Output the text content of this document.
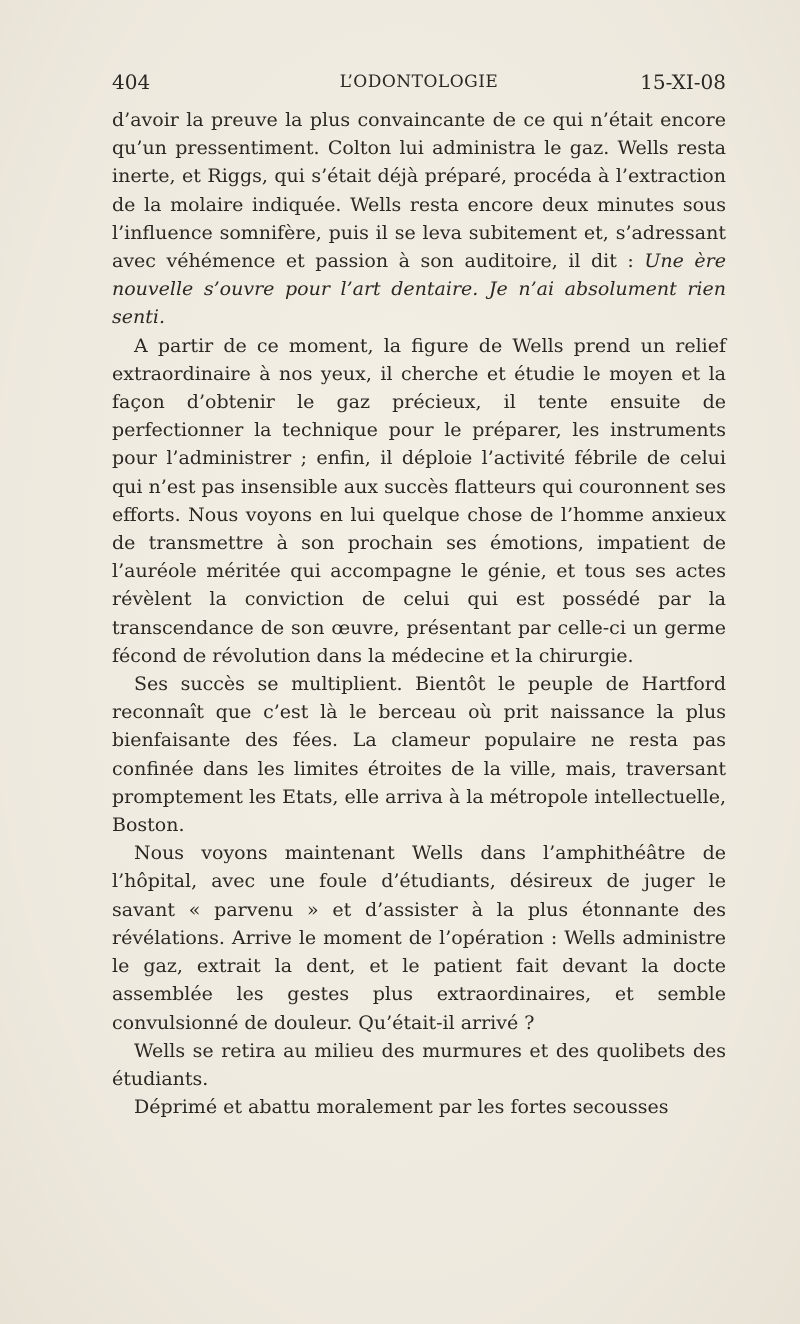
404	L’ODONTOLOGIE	15-XI-08

d’avoir la preuve la plus convaincante de ce qui n’était encore qu’un pressentiment. Colton lui administra le gaz. Wells resta inerte, et Riggs, qui s’était déjà préparé, procéda à l’extraction de la molaire indiquée. Wells resta encore deux minutes sous l’influence somnifère, puis il se leva subitement et, s’adressant avec véhémence et passion à son auditoire, il dit : Une ère nouvelle s’ouvre pour l’art dentaire. Je n’ai absolument rien senti.

A partir de ce moment, la figure de Wells prend un relief extraordinaire à nos yeux, il cherche et étudie le moyen et la façon d’obtenir le gaz précieux, il tente ensuite de perfectionner la technique pour le préparer, les instruments pour l’administrer ; enfin, il déploie l’activité fébrile de celui qui n’est pas insensible aux succès flatteurs qui couronnent ses efforts. Nous voyons en lui quelque chose de l’homme anxieux de transmettre à son prochain ses émotions, impatient de l’auréole méritée qui accompagne le génie, et tous ses actes révèlent la conviction de celui qui est possédé par la transcendance de son œuvre, présentant par celle-ci un germe fécond de révolution dans la médecine et la chirurgie.

Ses succès se multiplient. Bientôt le peuple de Hartford reconnaît que c’est là le berceau où prit naissance la plus bienfaisante des fées. La clameur populaire ne resta pas confinée dans les limites étroites de la ville, mais, traversant promptement les Etats, elle arriva à la métropole intellectuelle, Boston.

Nous voyons maintenant Wells dans l’amphithéâtre de l’hôpital, avec une foule d’étudiants, désireux de juger le savant « parvenu » et d’assister à la plus étonnante des révélations. Arrive le moment de l’opération : Wells administre le gaz, extrait la dent, et le patient fait devant la docte assemblée les gestes plus extraordinaires, et semble convulsionné de douleur. Qu’était-il arrivé ?

Wells se retira au milieu des murmures et des quolibets des étudiants.

Déprimé et abattu moralement par les fortes secousses
